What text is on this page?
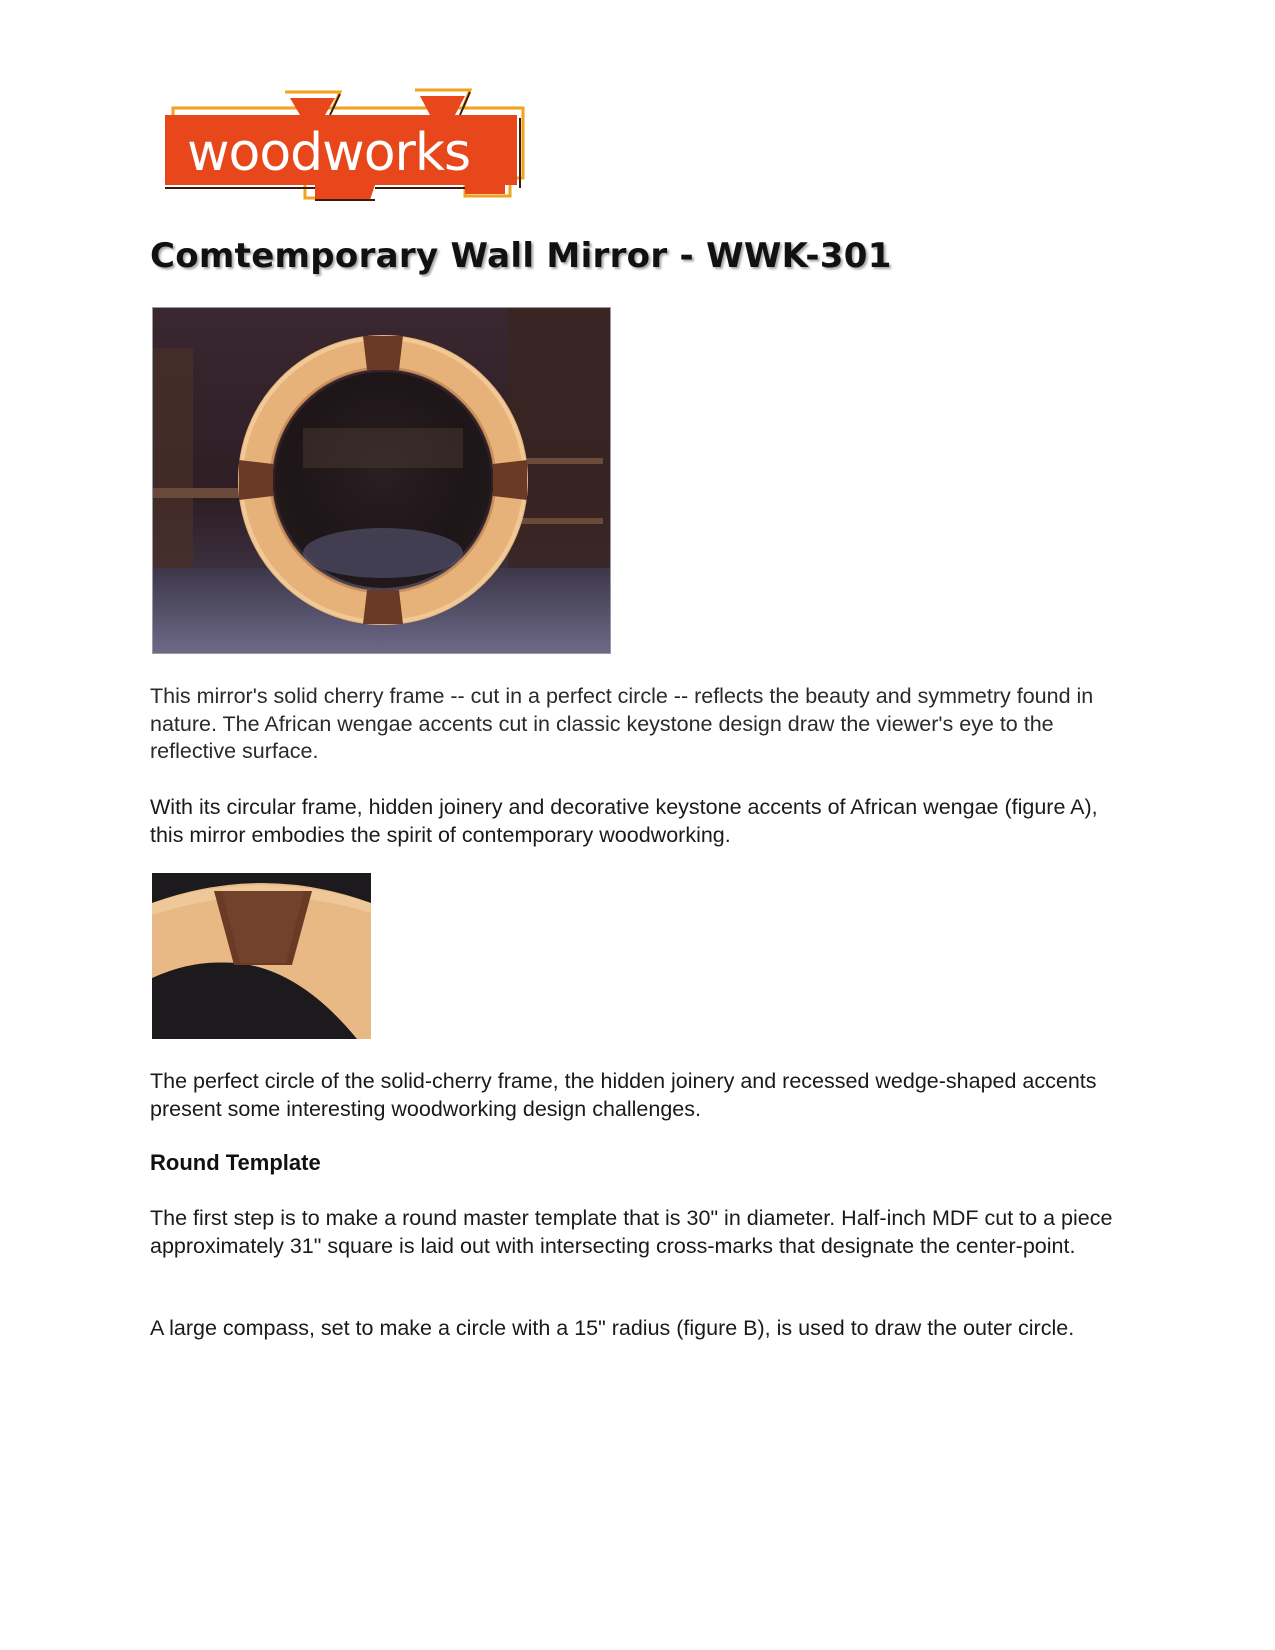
woodworks
Comtemporary Wall Mirror - WWK-301

This mirror's solid cherry frame -- cut in a perfect circle -- reflects the beauty and symmetry found in nature. The African wengae accents cut in classic keystone design draw the viewer's eye to the reflective surface.

With its circular frame, hidden joinery and decorative keystone accents of African wengae (figure A), this mirror embodies the spirit of contemporary woodworking.

The perfect circle of the solid-cherry frame, the hidden joinery and recessed wedge-shaped accents present some interesting woodworking design challenges.

Round Template

The first step is to make a round master template that is 30" in diameter. Half-inch MDF cut to a piece approximately 31" square is laid out with intersecting cross-marks that designate the center-point.

A large compass, set to make a circle with a 15" radius (figure B), is used to draw the outer circle.
